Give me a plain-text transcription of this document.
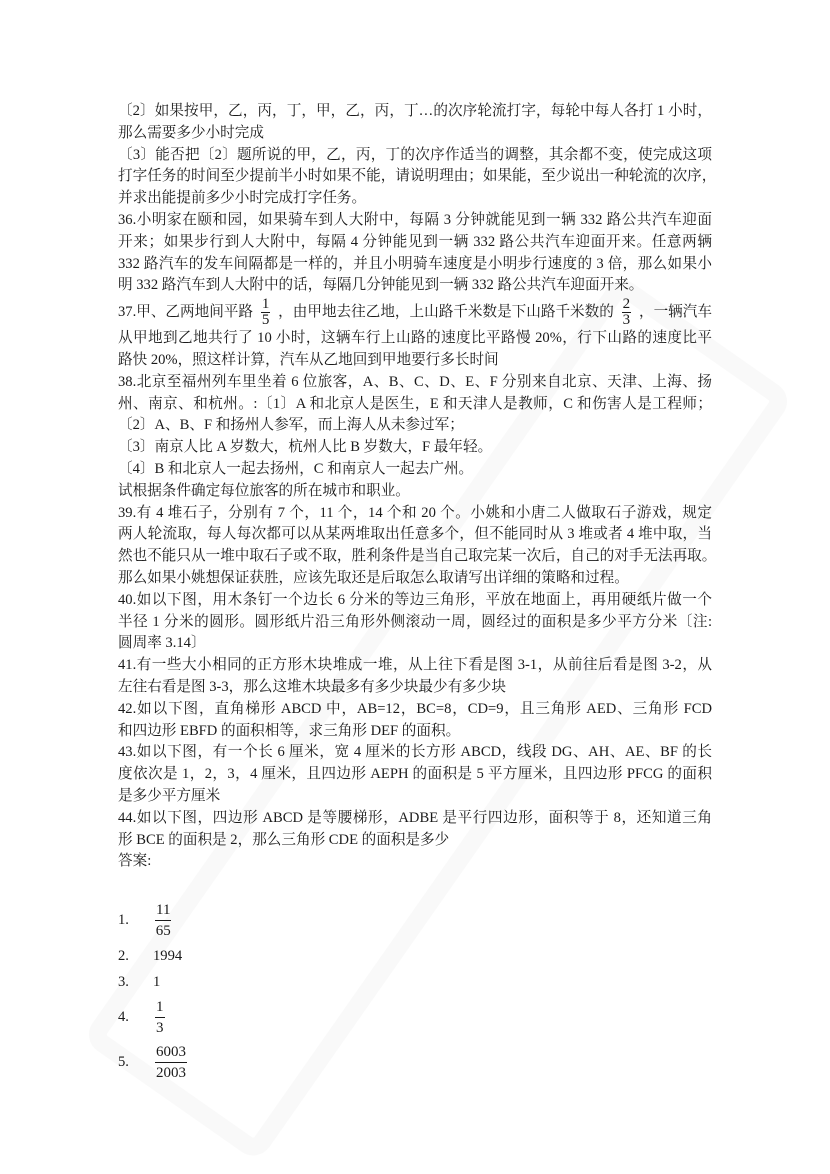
〔2〕如果按甲，乙，丙，丁，甲，乙，丙，丁…的次序轮流打字，每轮中每人各打 1 小时，
那么需要多少小时完成
〔3〕能否把〔2〕题所说的甲，乙，丙，丁的次序作适当的调整，其余都不变，使完成这项
打字任务的时间至少提前半小时如果不能，请说明理由；如果能，至少说出一种轮流的次序，
并求出能提前多少小时完成打字任务。
36.小明家在颐和园，如果骑车到人大附中，每隔 3 分钟就能见到一辆 332 路公共汽车迎面
开来；如果步行到人大附中，每隔 4 分钟能见到一辆 332 路公共汽车迎面开来。任意两辆
332 路汽车的发车间隔都是一样的，并且小明骑车速度是小明步行速度的 3 倍，那么如果小
明 332 路汽车到人大附中的话，每隔几分钟能见到一辆 332 路公共汽车迎面开来。
37.甲、乙两地间平路 $\frac{1}{5}$ ，由甲地去往乙地，上山路千米数是下山路千米数的 $\frac{2}{3}$ ，一辆汽车
从甲地到乙地共行了 10 小时，这辆车行上山路的速度比平路慢 20%，行下山路的速度比平
路快 20%，照这样计算，汽车从乙地回到甲地要行多长时间
38.北京至福州列车里坐着 6 位旅客，A、B、C、D、E、F 分别来自北京、天津、上海、扬
州、南京、和杭州。:〔1〕A 和北京人是医生，E 和天津人是教师，C 和伤害人是工程师；
〔2〕A、B、F 和扬州人参军，而上海人从未参过军；
〔3〕南京人比 A 岁数大，杭州人比 B 岁数大，F 最年轻。
〔4〕B 和北京人一起去扬州，C 和南京人一起去广州。
试根据条件确定每位旅客的所在城市和职业。
39.有 4 堆石子，分别有 7 个，11 个，14 个和 20 个。小姚和小唐二人做取石子游戏，规定
两人轮流取，每人每次都可以从某两堆取出任意多个，但不能同时从 3 堆或者 4 堆中取，当
然也不能只从一堆中取石子或不取，胜利条件是当自己取完某一次后，自己的对手无法再取。
那么如果小姚想保证获胜，应该先取还是后取怎么取请写出详细的策略和过程。
40.如以下图，用木条钉一个边长 6 分米的等边三角形，平放在地面上，再用硬纸片做一个
半径 1 分米的圆形。圆形纸片沿三角形外侧滚动一周，圆经过的面积是多少平方分米〔注:
圆周率 3.14〕
41.有一些大小相同的正方形木块堆成一堆，从上往下看是图 3-1，从前往后看是图 3-2，从
左往右看是图 3-3，那么这堆木块最多有多少块最少有多少块
42.如以下图，直角梯形 ABCD 中，AB=12，BC=8，CD=9，且三角形 AED、三角形 FCD
和四边形 EBFD 的面积相等，求三角形 DEF 的面积。
43.如以下图，有一个长 6 厘米，宽 4 厘米的长方形 ABCD，线段 DG、AH、AE、BF 的长
度依次是 1，2，3，4 厘米，且四边形 AEPH 的面积是 5 平方厘米，且四边形 PFCG 的面积
是多少平方厘米
44.如以下图，四边形 ABCD 是等腰梯形，ADBE 是平行四边形，面积等于 8，还知道三角
形 BCE 的面积是 2，那么三角形 CDE 的面积是多少
答案:
1.	$\frac{11}{65}$
2.	1994
3.	1
4.	$\frac{1}{3}$
5.	$\frac{6003}{2003}$
